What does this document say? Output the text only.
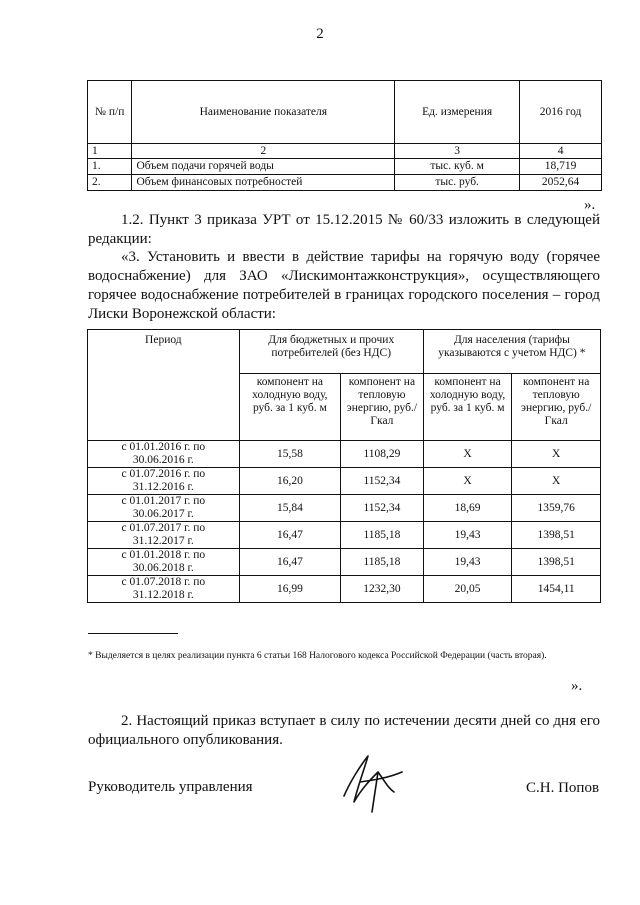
2
№ п/п	Наименование показателя	Ед. измерения	2016 год
1	2	3	4
1.	Объем подачи горячей воды	тыс. куб. м	18,719
2.	Объем финансовых потребностей	тыс. руб.	2052,64
».
1.2. Пункт 3 приказа УРТ от 15.12.2015 № 60/33 изложить в следующей редакции:
«3. Установить и ввести в действие тарифы на горячую воду (горячее водоснабжение) для ЗАО «Лискимонтажконструкция», осуществляющего горячее водоснабжение потребителей в границах городского поселения – город Лиски Воронежской области:
Период	Для бюджетных и прочих потребителей (без НДС)		Для населения (тарифы указываются с учетом НДС) *	
	компонент на холодную воду, руб. за 1 куб. м	компонент на тепловую энергию, руб./Гкал	компонент на холодную воду, руб. за 1 куб. м	компонент на тепловую энергию, руб./Гкал
с 01.01.2016 г. по
30.06.2016 г.	15,58	1108,29	Х	Х
с 01.07.2016 г. по
31.12.2016 г.	16,20	1152,34	Х	Х
с 01.01.2017 г. по
30.06.2017 г.	15,84	1152,34	18,69	1359,76
с 01.07.2017 г. по
31.12.2017 г.	16,47	1185,18	19,43	1398,51
с 01.01.2018 г. по
30.06.2018 г.	16,47	1185,18	19,43	1398,51
с 01.07.2018 г. по
31.12.2018 г.	16,99	1232,30	20,05	1454,11
* Выделяется в целях реализации пункта 6 статьи 168 Налогового кодекса Российской Федерации (часть вторая).
».
2. Настоящий приказ вступает в силу по истечении десяти дней со дня его официального опубликования.
Руководитель управления	С.Н. Попов
